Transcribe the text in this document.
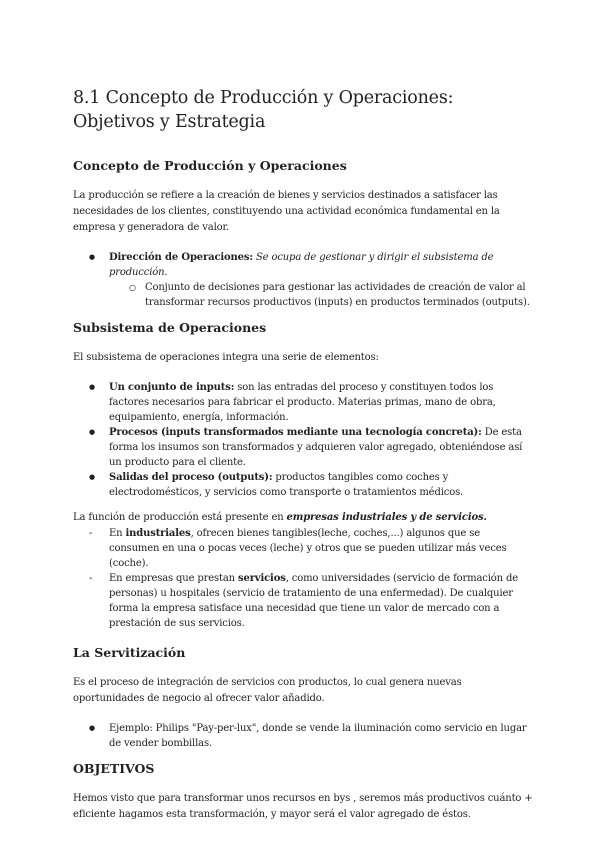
8.1 Concepto de Producción y Operaciones: Objetivos y Estrategia
Concepto de Producción y Operaciones

La producción se refiere a la creación de bienes y servicios destinados a satisfacer las necesidades de los clientes, constituyendo una actividad económica fundamental en la empresa y generadora de valor.

● Dirección de Operaciones: Se ocupa de gestionar y dirigir el subsistema de producción.
○ Conjunto de decisiones para gestionar las actividades de creación de valor al transformar recursos productivos (inputs) en productos terminados (outputs).
Subsistema de Operaciones

El subsistema de operaciones integra una serie de elementos:

● Un conjunto de inputs: son las entradas del proceso y constituyen todos los factores necesarios para fabricar el producto. Materias primas, mano de obra, equipamiento, energía, información.
● Procesos (inputs transformados mediante una tecnología concreta): De esta forma los insumos son transformados y adquieren valor agregado, obteniéndose así un producto para el cliente.
● Salidas del proceso (outputs): productos tangibles como coches y electrodomésticos, y servicios como transporte o tratamientos médicos.

La función de producción está presente en empresas industriales y de servicios.

- En industriales, ofrecen bienes tangibles(leche, coches,...) algunos que se consumen en una o pocas veces (leche) y otros que se pueden utilizar más veces (coche).
- En empresas que prestan servicios, como universidades (servicio de formación de personas) u hospitales (servicio de tratamiento de una enfermedad). De cualquier forma la empresa satisface una necesidad que tiene un valor de mercado con a prestación de sus servicios.
La Servitización

Es el proceso de integración de servicios con productos, lo cual genera nuevas oportunidades de negocio al ofrecer valor añadido.

● Ejemplo: Philips "Pay-per-lux", donde se vende la iluminación como servicio en lugar de vender bombillas.
OBJETIVOS

Hemos visto que para transformar unos recursos en bys , seremos más productivos cuánto + eficiente hagamos esta transformación, y mayor será el valor agregado de éstos.
